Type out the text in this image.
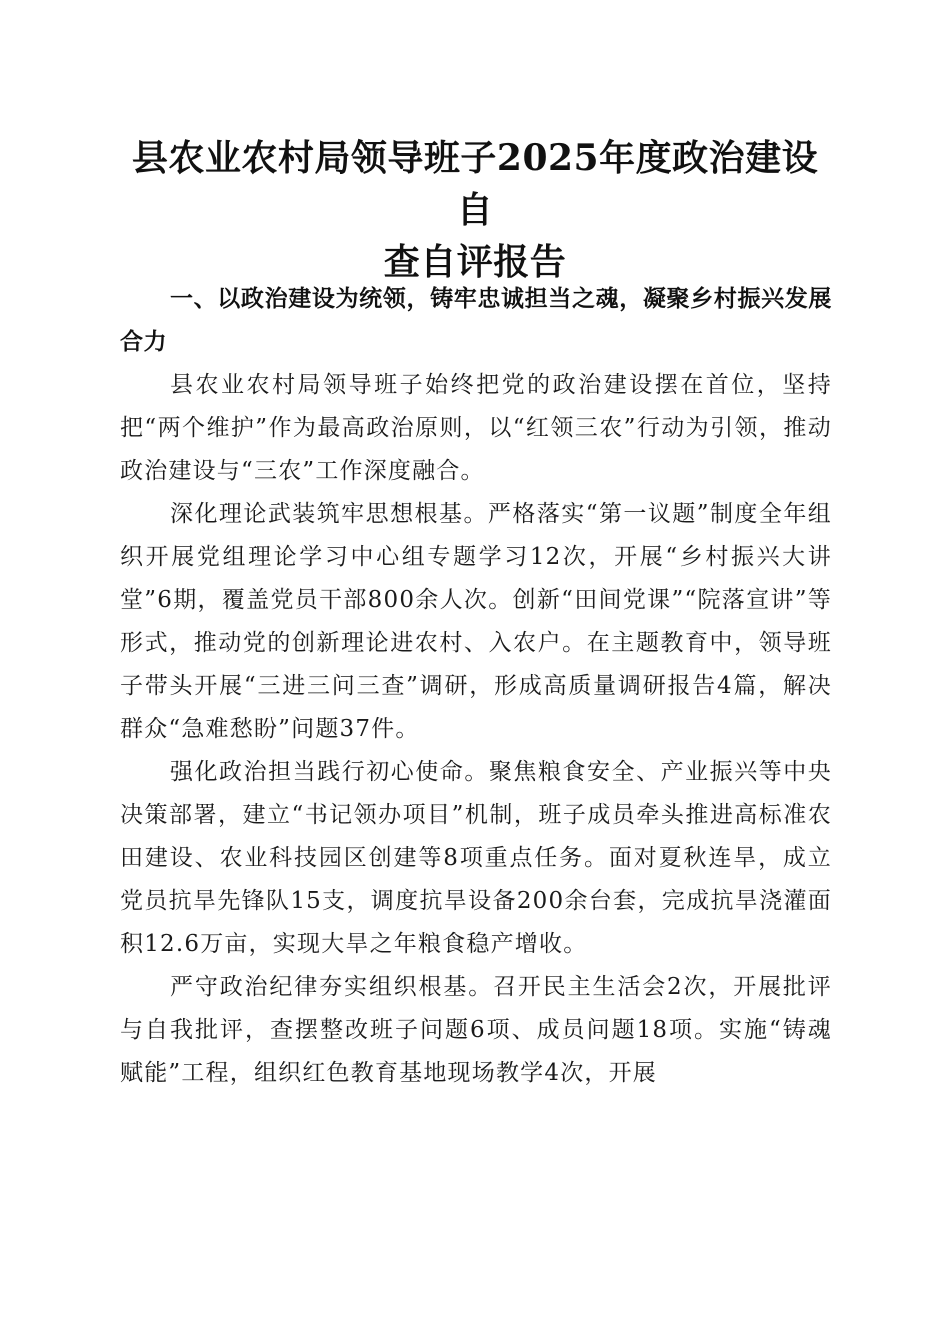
县农业农村局领导班子2025年度政治建设自
查自评报告

一、以政治建设为统领，铸牢忠诚担当之魂，凝聚乡村振兴发展合力

县农业农村局领导班子始终把党的政治建设摆在首位，坚持把“两个维护”作为最高政治原则，以“红领三农”行动为引领，推动政治建设与“三农”工作深度融合。

深化理论武装筑牢思想根基。严格落实“第一议题”制度全年组织开展党组理论学习中心组专题学习12次，开展“乡村振兴大讲堂”6期，覆盖党员干部800余人次。创新“田间党课”“院落宣讲”等形式，推动党的创新理论进农村、入农户。在主题教育中，领导班子带头开展“三进三问三查”调研，形成高质量调研报告4篇，解决群众“急难愁盼”问题37件。

强化政治担当践行初心使命。聚焦粮食安全、产业振兴等中央决策部署，建立“书记领办项目”机制，班子成员牵头推进高标准农田建设、农业科技园区创建等8项重点任务。面对夏秋连旱，成立党员抗旱先锋队15支，调度抗旱设备200余台套，完成抗旱浇灌面积12.6万亩，实现大旱之年粮食稳产增收。

严守政治纪律夯实组织根基。召开民主生活会2次，开展批评与自我批评，查摆整改班子问题6项、成员问题18项。实施“铸魂赋能”工程，组织红色教育基地现场教学4次，开展
